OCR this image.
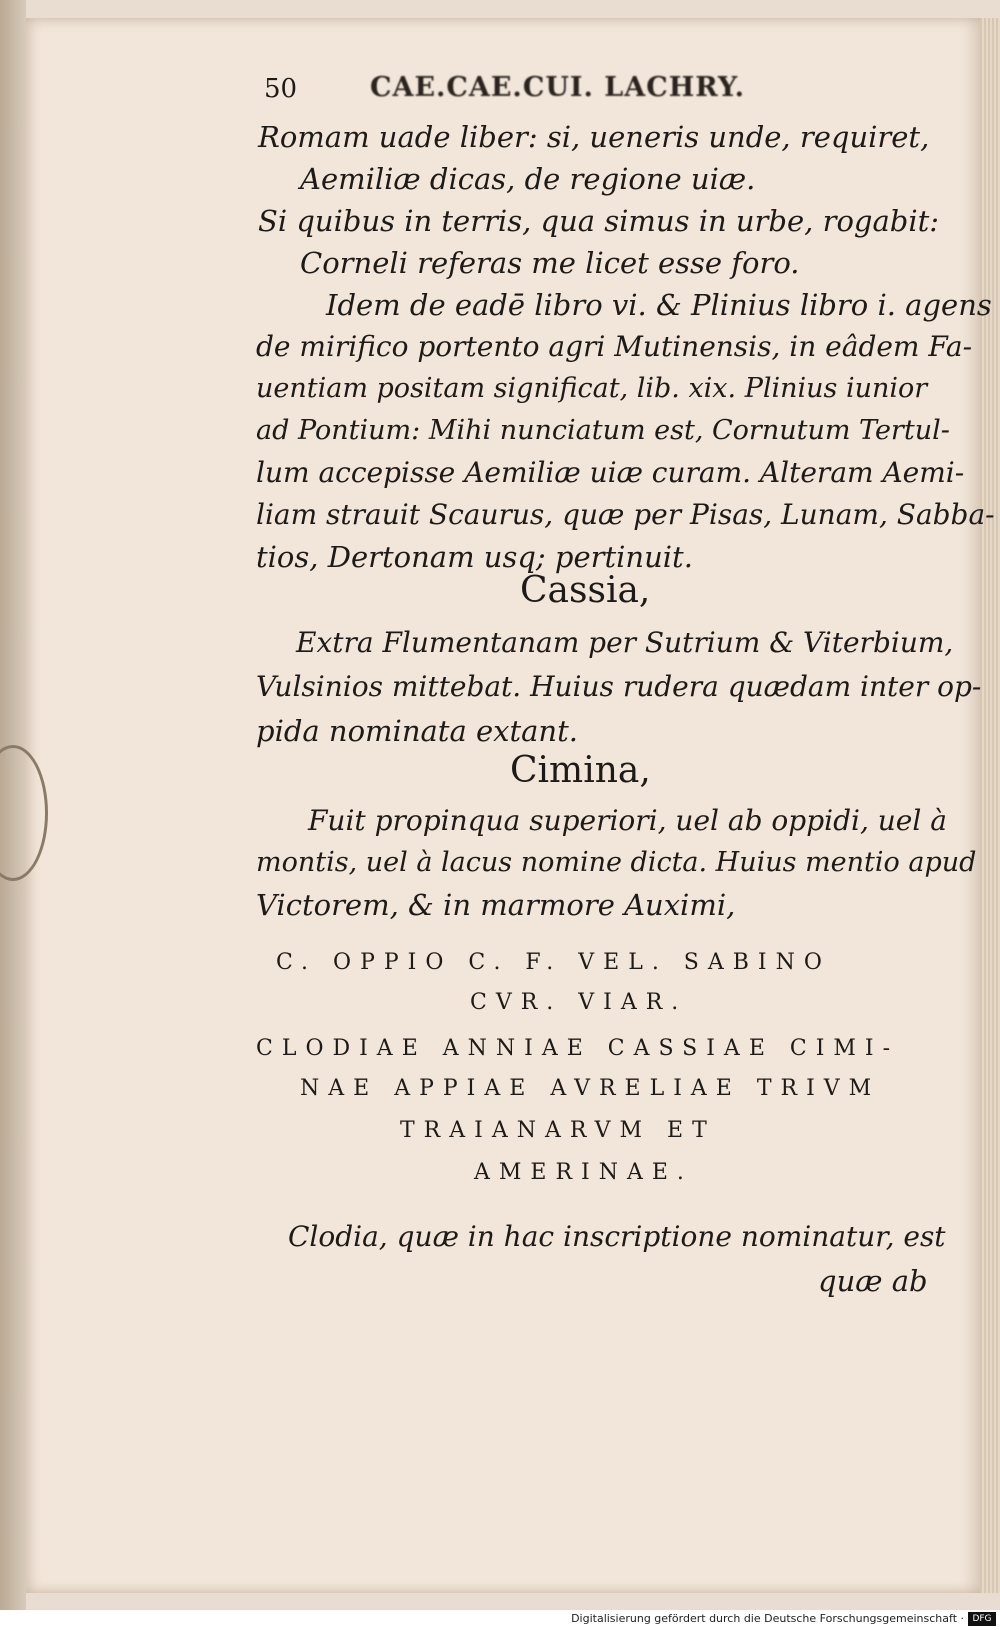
50	CAE.CAE.CUI. LACHRY.
Romam uade liber: si, ueneris unde, requiret,
Aemiliæ dicas, de regione uiæ.
Si quibus in terris, qua simus in urbe, rogabit:
Corneli referas me licet esse foro.
Idem de eadē libro vi. & Plinius libro i. agens
de mirifico portento agri Mutinensis, in eâdem Fa-
uentiam positam significat, lib. xix. Plinius iunior
ad Pontium: Mihi nunciatum est, Cornutum Tertul-
lum accepisse Aemiliæ uiæ curam. Alteram Aemi-
liam strauit Scaurus, quæ per Pisas, Lunam, Sabba-
tios, Dertonam usq; pertinuit.
Cassia,
Extra Flumentanam per Sutrium & Viterbium,
Vulsinios mittebat. Huius rudera quædam inter op-
pida nominata extant.
Cimina,
Fuit propinqua superiori, uel ab oppidi, uel à
montis, uel à lacus nomine dicta. Huius mentio apud
Victorem, & in marmore Auximi,
C. OPPIO C. F. VEL. SABINO
CVR. VIAR.
CLODIAE ANNIAE CASSIAE CIMI-
NAE APPIAE AVRELIAE TRIVM
TRAIANARVM ET
AMERINAE.
Clodia, quæ in hac inscriptione nominatur, est
quæ ab
Digitalisierung gefördert durch die Deutsche Forschungsgemeinschaft · DFG
